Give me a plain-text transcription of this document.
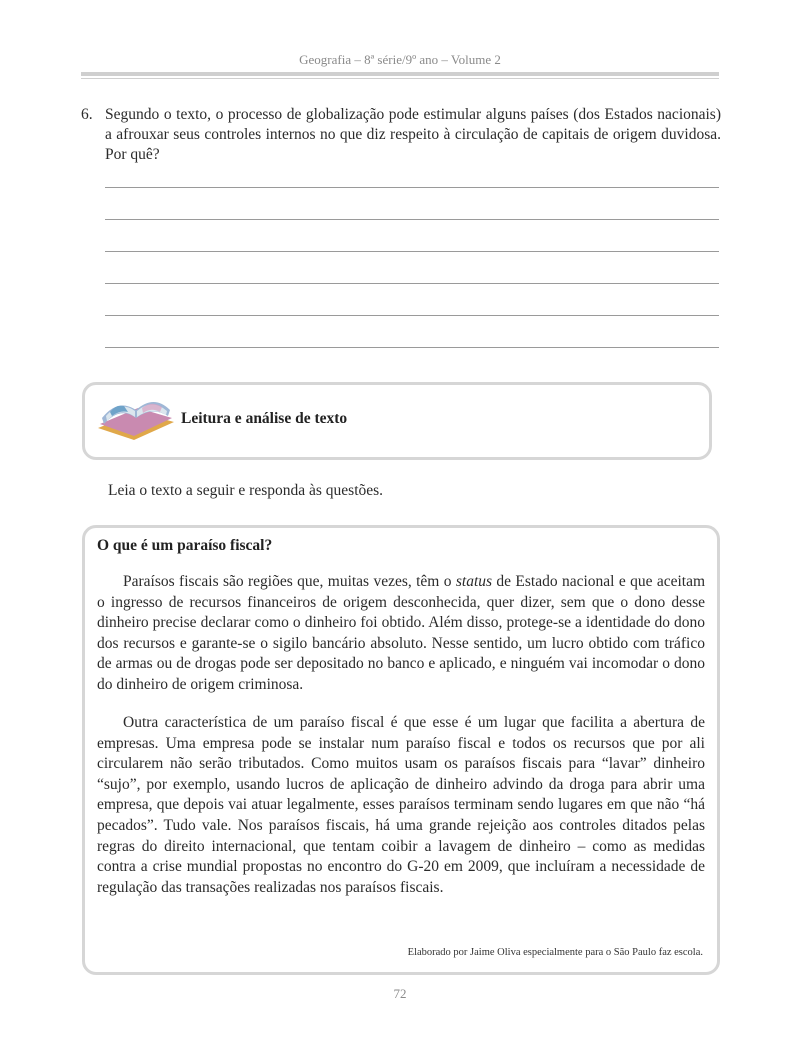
Geografia – 8ª série/9º ano – Volume 2
6. Segundo o texto, o processo de globalização pode estimular alguns países (dos Estados nacionais) a afrouxar seus controles internos no que diz respeito à circulação de capitais de origem duvidosa. Por quê?
Leitura e análise de texto
Leia o texto a seguir e responda às questões.
O que é um paraíso fiscal?

Paraísos fiscais são regiões que, muitas vezes, têm o status de Estado nacional e que aceitam o ingresso de recursos financeiros de origem desconhecida, quer dizer, sem que o dono desse dinheiro precise declarar como o dinheiro foi obtido. Além disso, protege-se a identidade do dono dos recursos e garante-se o sigilo bancário absoluto. Nesse sentido, um lucro obtido com tráfico de armas ou de drogas pode ser depositado no banco e aplicado, e ninguém vai incomodar o dono do dinheiro de origem criminosa.

Outra característica de um paraíso fiscal é que esse é um lugar que facilita a abertura de empresas. Uma empresa pode se instalar num paraíso fiscal e todos os recursos que por ali circularem não serão tributados. Como muitos usam os paraísos fiscais para “lavar” dinheiro “sujo”, por exemplo, usando lucros de aplicação de dinheiro advindo da droga para abrir uma empresa, que depois vai atuar legalmente, esses paraísos terminam sendo lugares em que não “há pecados”. Tudo vale. Nos paraísos fiscais, há uma grande rejeição aos controles ditados pelas regras do direito internacional, que tentam coibir a lavagem de dinheiro – como as medidas contra a crise mundial propostas no encontro do G-20 em 2009, que incluíram a necessidade de regulação das transações realizadas nos paraísos fiscais.

Elaborado por Jaime Oliva especialmente para o São Paulo faz escola.
72
